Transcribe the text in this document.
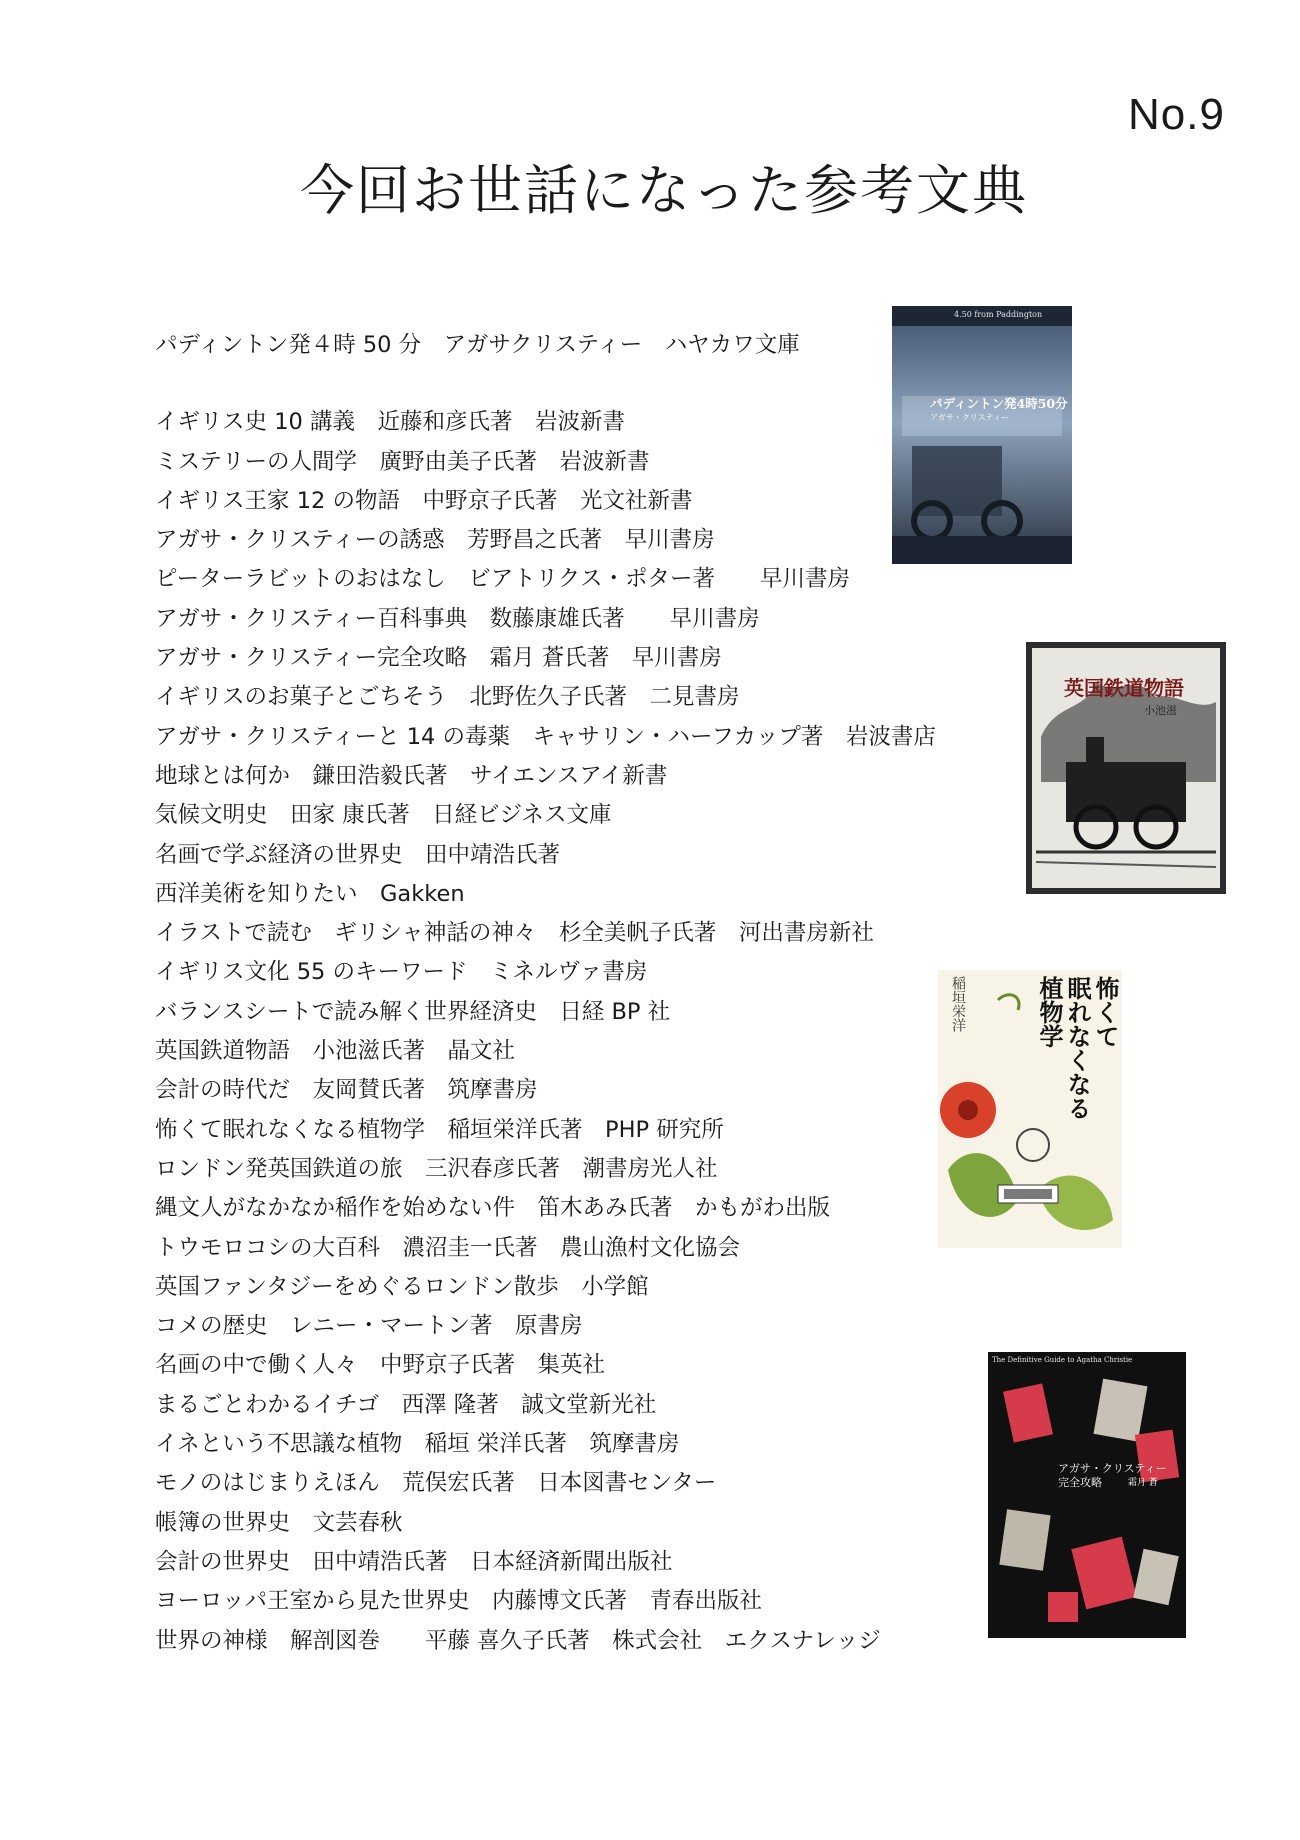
No.9
今回お世話になった参考文典
パディントン発４時 50 分　アガサクリスティー　ハヤカワ文庫
イギリス史 10 講義　近藤和彦氏著　岩波新書
ミステリーの人間学　廣野由美子氏著　岩波新書
イギリス王家 12 の物語　中野京子氏著　光文社新書
アガサ・クリスティーの誘惑　芳野昌之氏著　早川書房
ピーターラビットのおはなし　ビアトリクス・ポター著　　早川書房
アガサ・クリスティー百科事典　数藤康雄氏著　　早川書房
アガサ・クリスティー完全攻略　霜月 蒼氏著　早川書房
イギリスのお菓子とごちそう　北野佐久子氏著　二見書房
アガサ・クリスティーと 14 の毒薬　キャサリン・ハーフカップ著　岩波書店
地球とは何か　鎌田浩毅氏著　サイエンスアイ新書
気候文明史　田家 康氏著　日経ビジネス文庫
名画で学ぶ経済の世界史　田中靖浩氏著
西洋美術を知りたい　Gakken
イラストで読む　ギリシャ神話の神々　杉全美帆子氏著　河出書房新社
イギリス文化 55 のキーワード　ミネルヴァ書房
バランスシートで読み解く世界経済史　日経 BP 社
英国鉄道物語　小池滋氏著　晶文社
会計の時代だ　友岡賛氏著　筑摩書房
怖くて眠れなくなる植物学　稲垣栄洋氏著　PHP 研究所
ロンドン発英国鉄道の旅　三沢春彦氏著　潮書房光人社
縄文人がなかなか稲作を始めない件　笛木あみ氏著　かもがわ出版
トウモロコシの大百科　濃沼圭一氏著　農山漁村文化協会
英国ファンタジーをめぐるロンドン散歩　小学館
コメの歴史　レニー・マートン著　原書房
名画の中で働く人々　中野京子氏著　集英社
まるごとわかるイチゴ　西澤 隆著　誠文堂新光社
イネという不思議な植物　稲垣 栄洋氏著　筑摩書房
モノのはじまりえほん　荒俣宏氏著　日本図書センター
帳簿の世界史　文芸春秋
会計の世界史　田中靖浩氏著　日本経済新聞出版社
ヨーロッパ王室から見た世界史　内藤博文氏著　青春出版社
世界の神様　解剖図巻　　平藤 喜久子氏著　株式会社　エクスナレッジ
4.50 from Paddington
パディントン発4時50分
アガサ・クリスティー
英国鉄道物語
小池滋
怖くて
眠れなくなる
植物学
稲垣栄洋
The Definitive Guide to Agatha Christie
アガサ・クリスティー
完全攻略	霜月 蒼
